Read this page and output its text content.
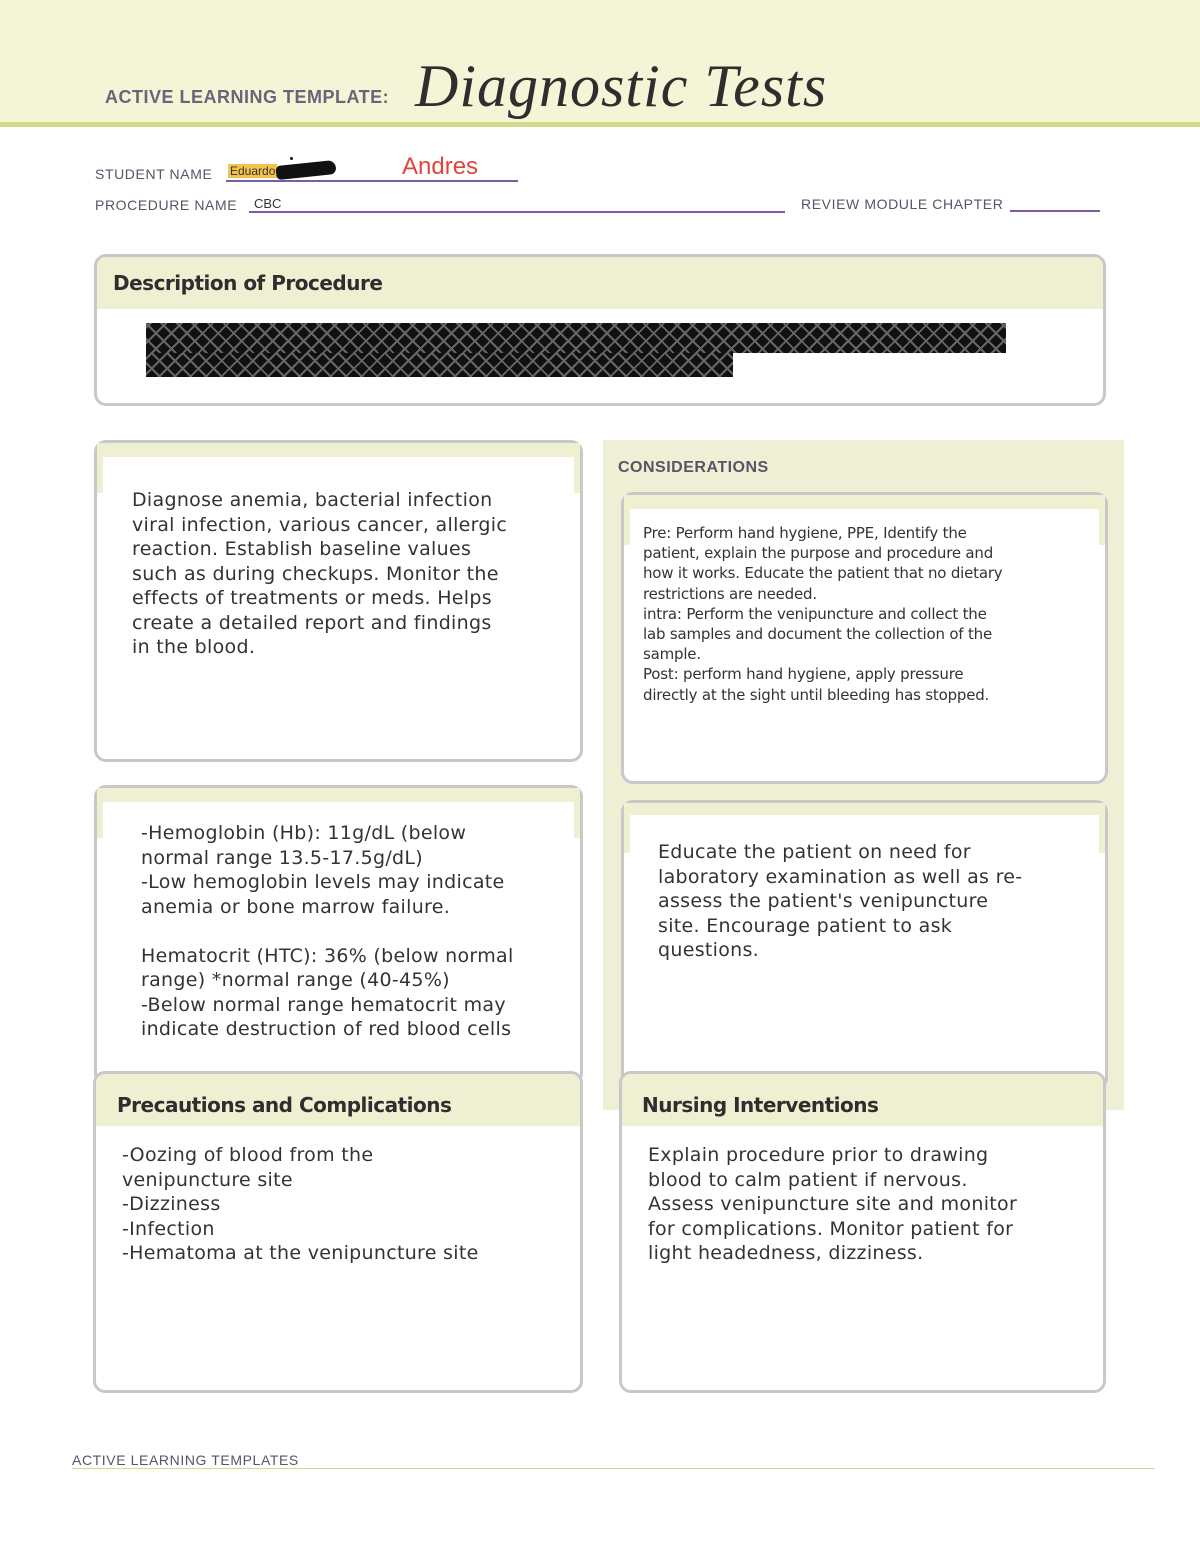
ACTIVE LEARNING TEMPLATE: Diagnostic Tests
STUDENT NAME Eduardo	Andres
PROCEDURE NAME CBC	REVIEW MODULE CHAPTER
Description of Procedure
Diagnose anemia, bacterial infection
viral infection, various cancer, allergic
reaction. Establish baseline values
such as during checkups. Monitor the
effects of treatments or meds. Helps
create a detailed report and findings
in the blood.
-Hemoglobin (Hb): 11g/dL (below
normal range 13.5-17.5g/dL)
-Low hemoglobin levels may indicate
anemia or bone marrow failure.

Hematocrit (HTC): 36% (below normal
range) *normal range (40-45%)
-Below normal range hematocrit may
indicate destruction of red blood cells
CONSIDERATIONS
Pre: Perform hand hygiene, PPE, Identify the
patient, explain the purpose and procedure and
how it works. Educate the patient that no dietary
restrictions are needed.
intra: Perform the venipuncture and collect the
lab samples and document the collection of the
sample.
Post: perform hand hygiene, apply pressure
directly at the sight until bleeding has stopped.
Educate the patient on need for
laboratory examination as well as re-
assess the patient's venipuncture
site. Encourage patient to ask
questions.
Precautions and Complications
-Oozing of blood from the
venipuncture site
-Dizziness
-Infection
-Hematoma at the venipuncture site
Nursing Interventions
Explain procedure prior to drawing
blood to calm patient if nervous.
Assess venipuncture site and monitor
for complications. Monitor patient for
light headedness, dizziness.
ACTIVE LEARNING TEMPLATES
